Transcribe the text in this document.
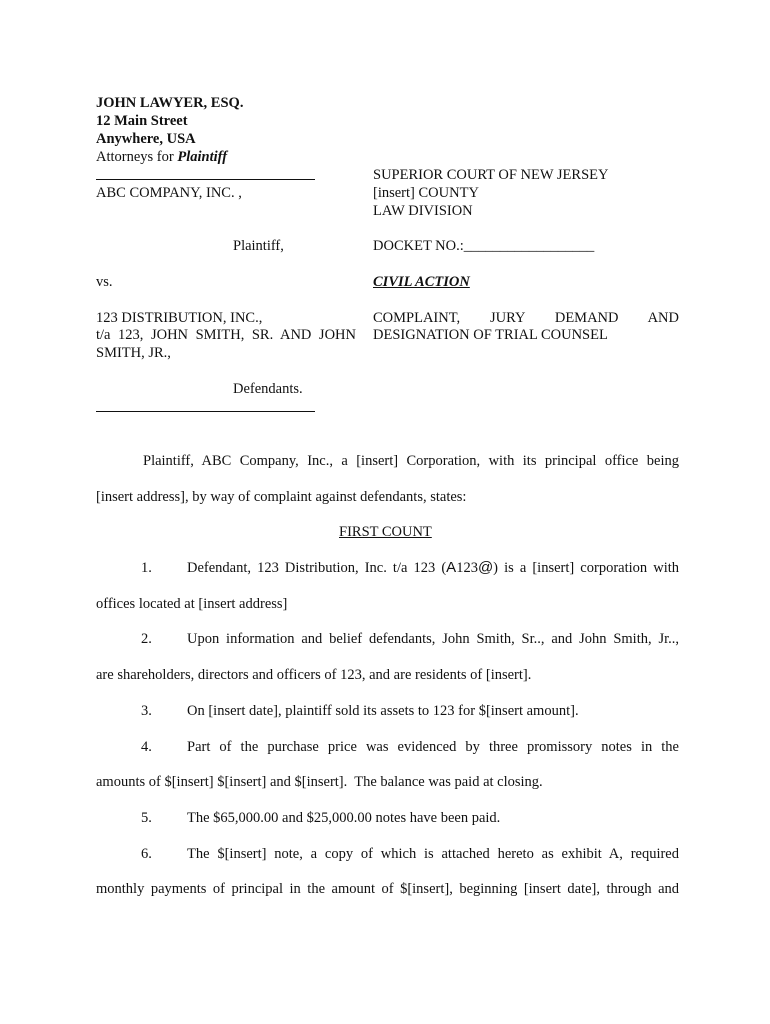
JOHN LAWYER, ESQ.
12 Main Street
Anywhere, USA
Attorneys for Plaintiff
ABC COMPANY, INC. ,
Plaintiff,
vs.
123 DISTRIBUTION, INC.,
t/a 123, JOHN SMITH, SR. AND JOHN
SMITH, JR.,
Defendants.
SUPERIOR COURT OF NEW JERSEY
[insert] COUNTY
LAW DIVISION
DOCKET NO.:__________________
CIVIL ACTION
COMPLAINT, JURY DEMAND AND
DESIGNATION OF TRIAL COUNSEL
Plaintiff, ABC Company, Inc., a [insert] Corporation, with its principal office being
[insert address], by way of complaint against defendants, states:
FIRST COUNT
1. Defendant, 123 Distribution, Inc. t/a 123 (A123@) is a [insert] corporation with
offices located at [insert address]
2. Upon information and belief defendants, John Smith, Sr.., and John Smith, Jr..,
are shareholders, directors and officers of 123, and are residents of [insert].
3. On [insert date], plaintiff sold its assets to 123 for $[insert amount].
4. Part of the purchase price was evidenced by three promissory notes in the
amounts of $[insert] $[insert] and $[insert].  The balance was paid at closing.
5. The $65,000.00 and $25,000.00 notes have been paid.
6. The $[insert] note, a copy of which is attached hereto as exhibit A, required
monthly payments of principal in the amount of $[insert], beginning [insert date], through and
